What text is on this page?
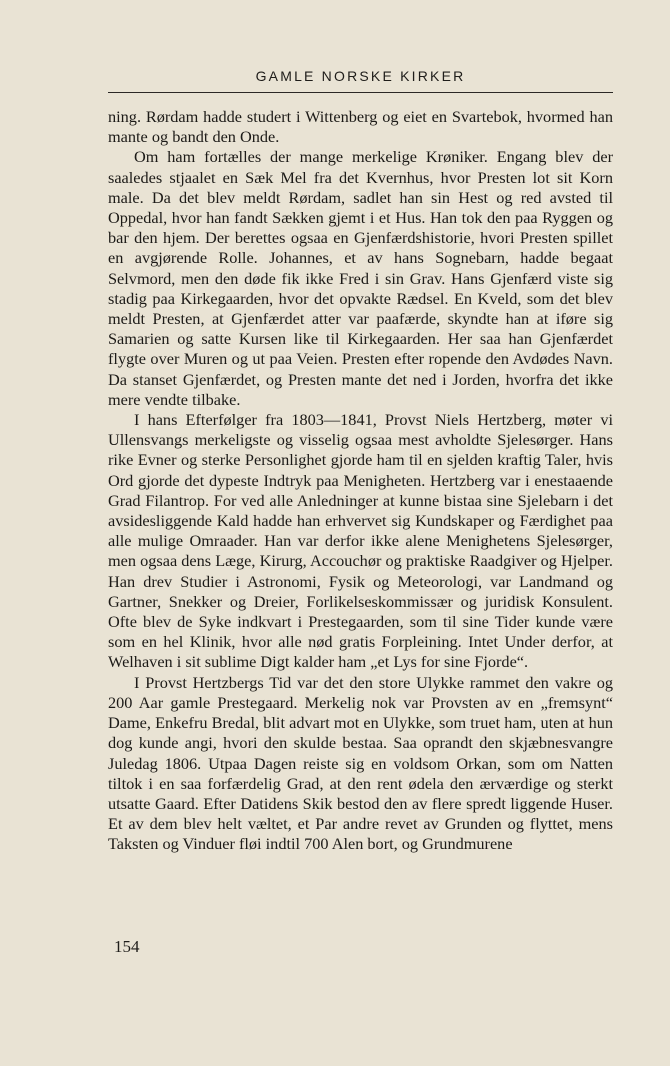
GAMLE NORSKE KIRKER

ning. Rørdam hadde studert i Wittenberg og eiet en Svartebok, hvormed han mante og bandt den Onde.

Om ham fortælles der mange merkelige Krøniker. Engang blev der saaledes stjaalet en Sæk Mel fra det Kvernhus, hvor Presten lot sit Korn male. Da det blev meldt Rørdam, sadlet han sin Hest og red avsted til Oppedal, hvor han fandt Sækken gjemt i et Hus. Han tok den paa Ryggen og bar den hjem. Der berettes ogsaa en Gjenfærdshistorie, hvori Presten spillet en avgjørende Rolle. Johannes, et av hans Sognebarn, hadde begaat Selvmord, men den døde fik ikke Fred i sin Grav. Hans Gjenfærd viste sig stadig paa Kirkegaarden, hvor det opvakte Rædsel. En Kveld, som det blev meldt Presten, at Gjenfærdet atter var paafærde, skyndte han at iføre sig Samarien og satte Kursen like til Kirkegaarden. Her saa han Gjenfærdet flygte over Muren og ut paa Veien. Presten efter ropende den Avdødes Navn. Da stanset Gjenfærdet, og Presten mante det ned i Jorden, hvorfra det ikke mere vendte tilbake.

I hans Efterfølger fra 1803—1841, Provst Niels Hertzberg, møter vi Ullensvangs merkeligste og visselig ogsaa mest avholdte Sjelesørger. Hans rike Evner og sterke Personlighet gjorde ham til en sjelden kraftig Taler, hvis Ord gjorde det dypeste Indtryk paa Menigheten. Hertzberg var i enestaaende Grad Filantrop. For ved alle Anledninger at kunne bistaa sine Sjelebarn i det avsidesliggende Kald hadde han erhvervet sig Kundskaper og Færdighet paa alle mulige Omraader. Han var derfor ikke alene Menighetens Sjelesørger, men ogsaa dens Læge, Kirurg, Accouchør og praktiske Raadgiver og Hjelper. Han drev Studier i Astronomi, Fysik og Meteorologi, var Landmand og Gartner, Snekker og Dreier, Forlikelseskommissær og juridisk Konsulent. Ofte blev de Syke indkvart i Prestegaarden, som til sine Tider kunde være som en hel Klinik, hvor alle nød gratis Forpleining. Intet Under derfor, at Welhaven i sit sublime Digt kalder ham „et Lys for sine Fjorde“.

I Provst Hertzbergs Tid var det den store Ulykke rammet den vakre og 200 Aar gamle Prestegaard. Merkelig nok var Provsten av en „fremsynt“ Dame, Enkefru Bredal, blit advart mot en Ulykke, som truet ham, uten at hun dog kunde angi, hvori den skulde bestaa. Saa oprandt den skjæbnesvangre Juledag 1806. Utpaa Dagen reiste sig en voldsom Orkan, som om Natten tiltok i en saa forfærdelig Grad, at den rent ødela den ærværdige og sterkt utsatte Gaard. Efter Datidens Skik bestod den av flere spredt liggende Huser. Et av dem blev helt væltet, et Par andre revet av Grunden og flyttet, mens Taksten og Vinduer fløi indtil 700 Alen bort, og Grundmurene

154
